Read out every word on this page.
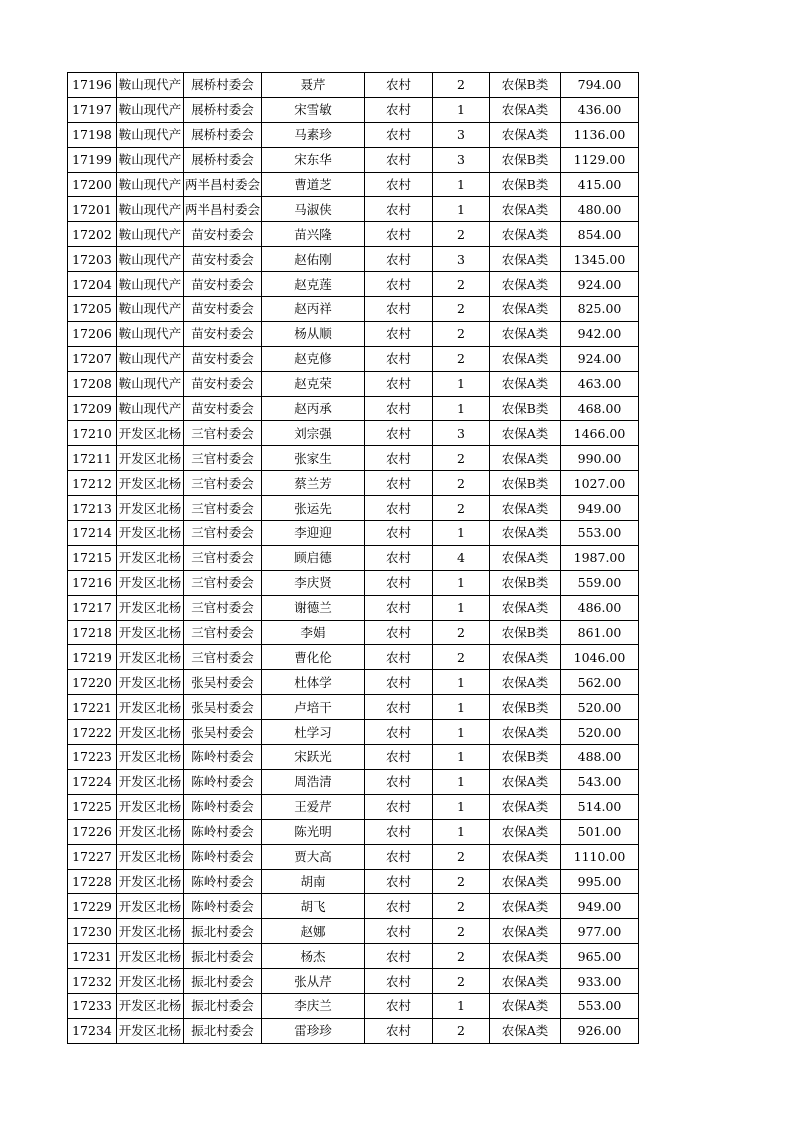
17196	鞍山现代产	展桥村委会	聂芹	农村	2	农保B类	794.00
17197	鞍山现代产	展桥村委会	宋雪敏	农村	1	农保A类	436.00
17198	鞍山现代产	展桥村委会	马素珍	农村	3	农保A类	1136.00
17199	鞍山现代产	展桥村委会	宋东华	农村	3	农保B类	1129.00
17200	鞍山现代产	两半昌村委会	曹道芝	农村	1	农保B类	415.00
17201	鞍山现代产	两半昌村委会	马淑侠	农村	1	农保A类	480.00
17202	鞍山现代产	苗安村委会	苗兴隆	农村	2	农保A类	854.00
17203	鞍山现代产	苗安村委会	赵佑刚	农村	3	农保A类	1345.00
17204	鞍山现代产	苗安村委会	赵克莲	农村	2	农保A类	924.00
17205	鞍山现代产	苗安村委会	赵丙祥	农村	2	农保A类	825.00
17206	鞍山现代产	苗安村委会	杨从顺	农村	2	农保A类	942.00
17207	鞍山现代产	苗安村委会	赵克修	农村	2	农保A类	924.00
17208	鞍山现代产	苗安村委会	赵克荣	农村	1	农保A类	463.00
17209	鞍山现代产	苗安村委会	赵丙承	农村	1	农保B类	468.00
17210	开发区北杨	三官村委会	刘宗强	农村	3	农保A类	1466.00
17211	开发区北杨	三官村委会	张家生	农村	2	农保A类	990.00
17212	开发区北杨	三官村委会	蔡兰芳	农村	2	农保B类	1027.00
17213	开发区北杨	三官村委会	张运先	农村	2	农保A类	949.00
17214	开发区北杨	三官村委会	李迎迎	农村	1	农保A类	553.00
17215	开发区北杨	三官村委会	顾启德	农村	4	农保A类	1987.00
17216	开发区北杨	三官村委会	李庆贤	农村	1	农保B类	559.00
17217	开发区北杨	三官村委会	谢德兰	农村	1	农保A类	486.00
17218	开发区北杨	三官村委会	李娟	农村	2	农保B类	861.00
17219	开发区北杨	三官村委会	曹化伦	农村	2	农保A类	1046.00
17220	开发区北杨	张吴村委会	杜体学	农村	1	农保A类	562.00
17221	开发区北杨	张吴村委会	卢培干	农村	1	农保B类	520.00
17222	开发区北杨	张吴村委会	杜学习	农村	1	农保A类	520.00
17223	开发区北杨	陈岭村委会	宋跃光	农村	1	农保B类	488.00
17224	开发区北杨	陈岭村委会	周浩清	农村	1	农保A类	543.00
17225	开发区北杨	陈岭村委会	王爱芹	农村	1	农保A类	514.00
17226	开发区北杨	陈岭村委会	陈光明	农村	1	农保A类	501.00
17227	开发区北杨	陈岭村委会	贾大高	农村	2	农保A类	1110.00
17228	开发区北杨	陈岭村委会	胡南	农村	2	农保A类	995.00
17229	开发区北杨	陈岭村委会	胡飞	农村	2	农保A类	949.00
17230	开发区北杨	振北村委会	赵娜	农村	2	农保A类	977.00
17231	开发区北杨	振北村委会	杨杰	农村	2	农保A类	965.00
17232	开发区北杨	振北村委会	张从芹	农村	2	农保A类	933.00
17233	开发区北杨	振北村委会	李庆兰	农村	1	农保A类	553.00
17234	开发区北杨	振北村委会	雷珍珍	农村	2	农保A类	926.00
